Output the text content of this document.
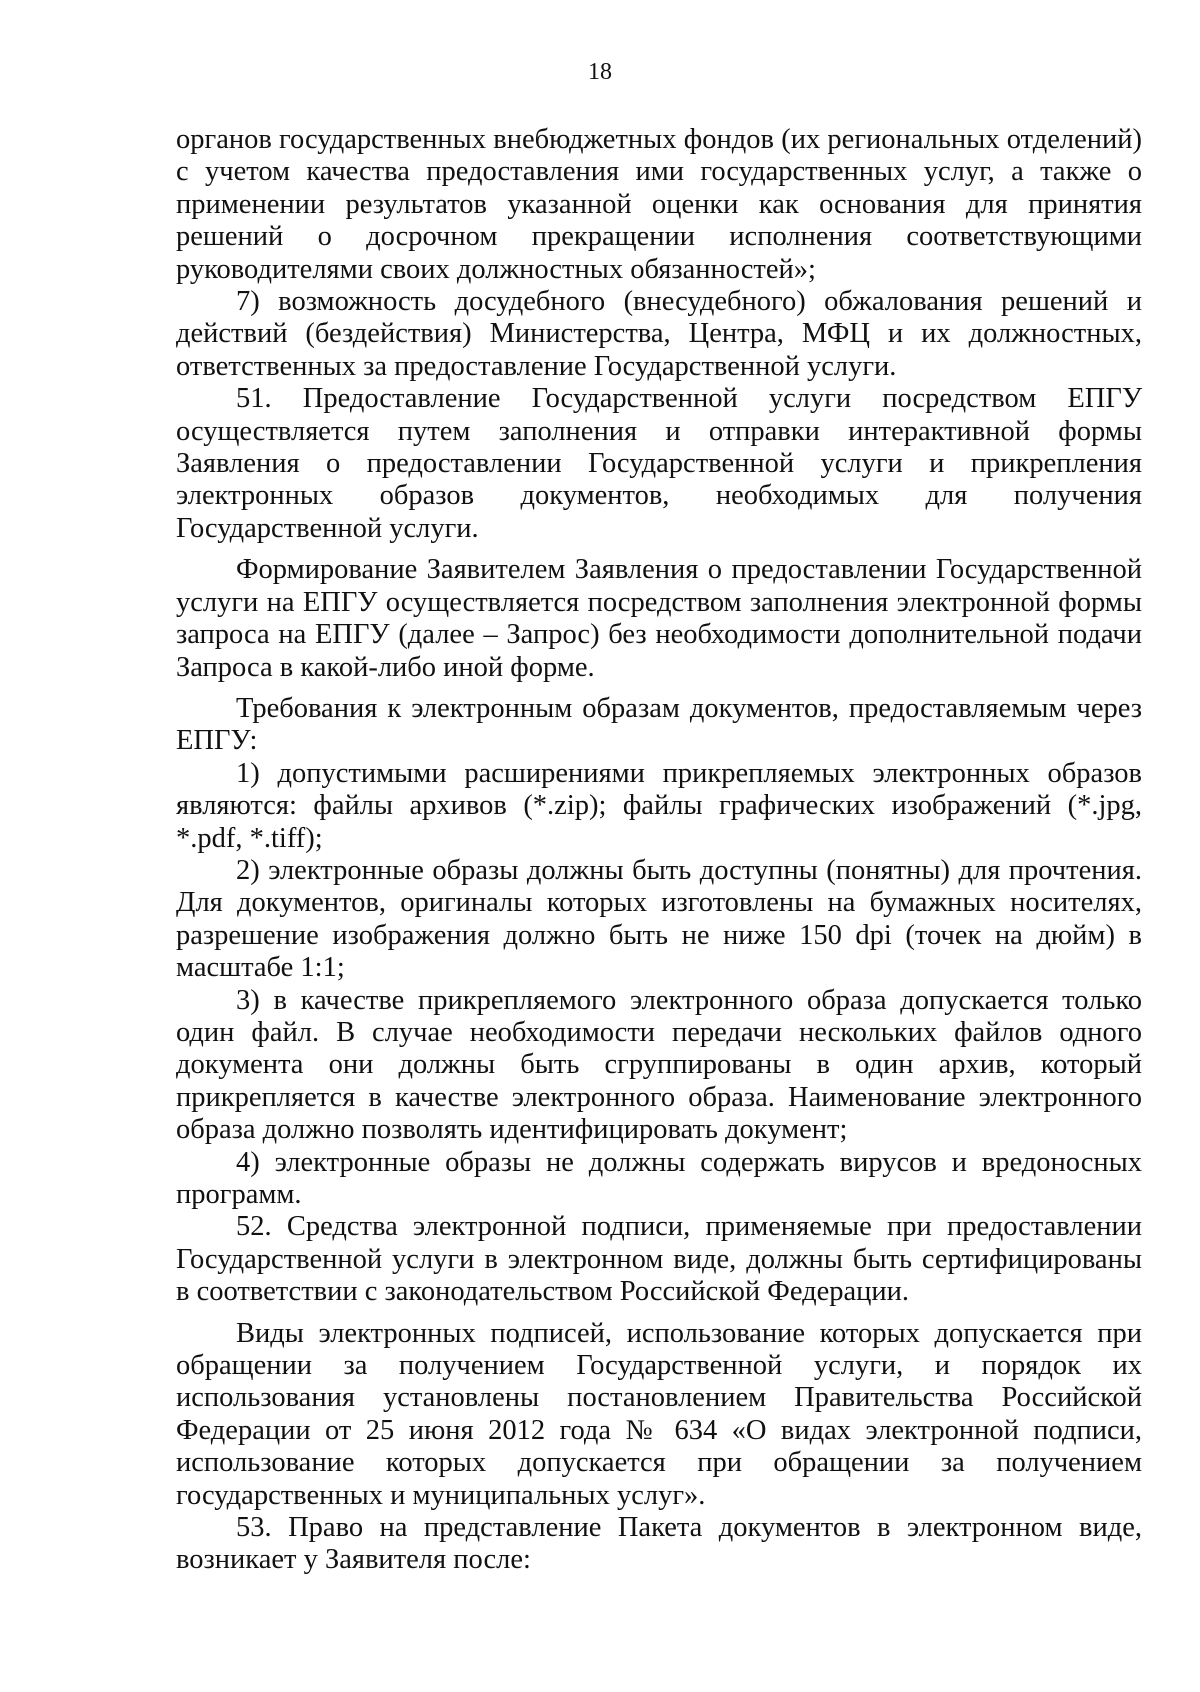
18

органов государственных внебюджетных фондов (их региональных отделений) с учетом качества предоставления ими государственных услуг, а также о применении результатов указанной оценки как основания для принятия решений о досрочном прекращении исполнения соответствующими руководителями своих должностных обязанностей»;

7) возможность досудебного (внесудебного) обжалования решений и действий (бездействия) Министерства, Центра, МФЦ и их должностных, ответственных за предоставление Государственной услуги.

51. Предоставление Государственной услуги посредством ЕПГУ осуществляется путем заполнения и отправки интерактивной формы Заявления о предоставлении Государственной услуги и прикрепления электронных образов документов, необходимых для получения Государственной услуги.

Формирование Заявителем Заявления о предоставлении Государственной услуги на ЕПГУ осуществляется посредством заполнения электронной формы запроса на ЕПГУ (далее – Запрос) без необходимости дополнительной подачи Запроса в какой-либо иной форме.

Требования к электронным образам документов, предоставляемым через ЕПГУ:

1) допустимыми расширениями прикрепляемых электронных образов являются: файлы архивов (*.zip); файлы графических изображений (*.jpg, *.pdf, *.tiff);

2) электронные образы должны быть доступны (понятны) для прочтения. Для документов, оригиналы которых изготовлены на бумажных носителях, разрешение изображения должно быть не ниже 150 dpi (точек на дюйм) в масштабе 1:1;

3) в качестве прикрепляемого электронного образа допускается только один файл. В случае необходимости передачи нескольких файлов одного документа они должны быть сгруппированы в один архив, который прикрепляется в качестве электронного образа. Наименование электронного образа должно позволять идентифицировать документ;

4) электронные образы не должны содержать вирусов и вредоносных программ.

52. Средства электронной подписи, применяемые при предоставлении Государственной услуги в электронном виде, должны быть сертифицированы в соответствии с законодательством Российской Федерации.

Виды электронных подписей, использование которых допускается при обращении за получением Государственной услуги, и порядок их использования установлены постановлением Правительства Российской Федерации от 25 июня 2012 года № 634 «О видах электронной подписи, использование которых допускается при обращении за получением государственных и муниципальных услуг».

53. Право на представление Пакета документов в электронном виде, возникает у Заявителя после:
